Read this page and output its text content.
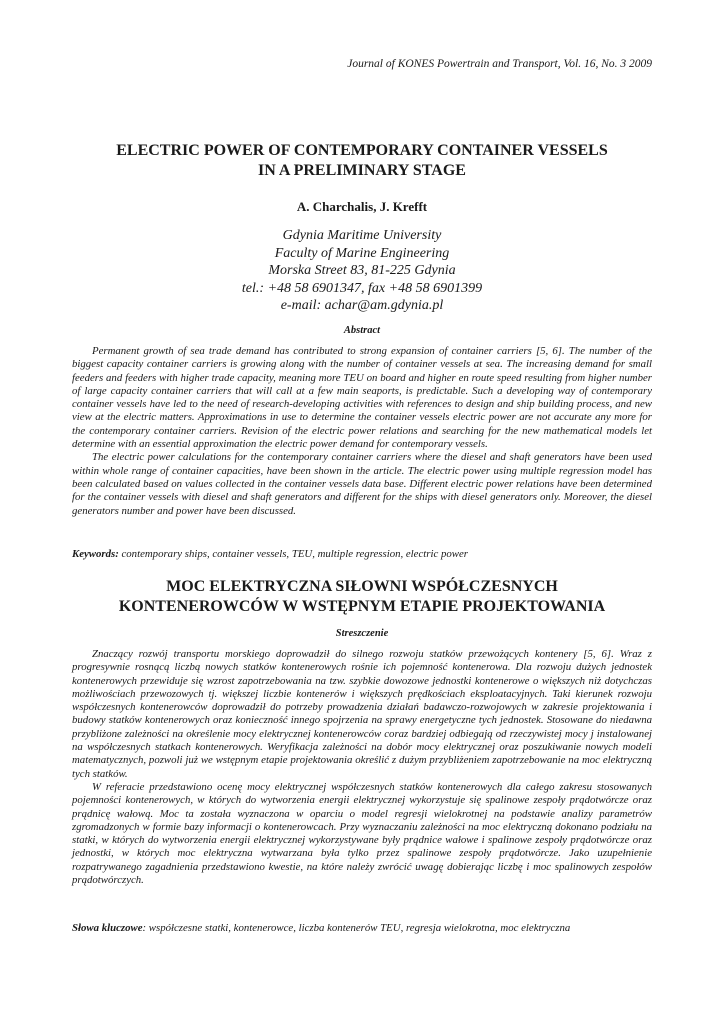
Journal of KONES Powertrain and Transport, Vol. 16, No. 3 2009
ELECTRIC POWER OF CONTEMPORARY CONTAINER VESSELS
IN A PRELIMINARY STAGE
A. Charchalis, J. Krefft
Gdynia Maritime University
Faculty of Marine Engineering
Morska Street 83, 81-225 Gdynia
tel.: +48 58 6901347, fax +48 58 6901399
e-mail: achar@am.gdynia.pl
Abstract

Permanent growth of sea trade demand has contributed to strong expansion of container carriers [5, 6]. The number of the biggest capacity container carriers is growing along with the number of container vessels at sea. The increasing demand for small feeders and feeders with higher trade capacity, meaning more TEU on board and higher en route speed resulting from higher number of large capacity container carriers that will call at a few main seaports, is predictable. Such a developing way of contemporary container vessels have led to the need of research-developing activities with references to design and ship building process, and new view at the electric matters. Approximations in use to determine the container vessels electric power are not accurate any more for the contemporary container carriers. Revision of the electric power relations and searching for the new mathematical models let determine with an essential approximation the electric power demand for contemporary vessels.

The electric power calculations for the contemporary container carriers where the diesel and shaft generators have been used within whole range of container capacities, have been shown in the article. The electric power using multiple regression model has been calculated based on values collected in the container vessels data base. Different electric power relations have been determined for the container vessels with diesel and shaft generators and different for the ships with diesel generators only. Moreover, the diesel generators number and power have been discussed.

Keywords: contemporary ships, container vessels, TEU, multiple regression, electric power
MOC ELEKTRYCZNA SIŁOWNI WSPÓŁCZESNYCH
KONTENEROWCÓW W WSTĘPNYM ETAPIE PROJEKTOWANIA
Streszczenie

Znaczący rozwój transportu morskiego doprowadził do silnego rozwoju statków przewożących kontenery [5, 6]. Wraz z progresywnie rosnącą liczbą nowych statków kontenerowych rośnie ich pojemność kontenerowa. Dla rozwoju dużych jednostek kontenerowych przewiduje się wzrost zapotrzebowania na tzw. szybkie dowozowe jednostki kontenerowe o większych niż dotychczas możliwościach przewozowych tj. większej liczbie kontenerów i większych prędkościach eksploatacyjnych. Taki kierunek rozwoju współczesnych kontenerowców doprowadził do potrzeby prowadzenia działań badawczo-rozwojowych w zakresie projektowania i budowy statków kontenerowych oraz konieczność innego spojrzenia na sprawy energetyczne tych jednostek. Stosowane do niedawna przybliżone zależności na określenie mocy elektrycznej kontenerowców coraz bardziej odbiegają od rzeczywistej mocy j instalowanej na współczesnych statkach kontenerowych. Weryfikacja zależności na dobór mocy elektrycznej oraz poszukiwanie nowych modeli matematycznych, pozwoli już we wstępnym etapie projektowania określić z dużym przybliżeniem zapotrzebowanie na moc elektryczną tych statków.

W referacie przedstawiono ocenę mocy elektrycznej współczesnych statków kontenerowych dla całego zakresu stosowanych pojemności kontenerowych, w których do wytworzenia energii elektrycznej wykorzystuje się spalinowe zespoły prądotwórcze oraz prądnicę wałową. Moc ta została wyznaczona w oparciu o model regresji wielokrotnej na podstawie analizy parametrów zgromadzonych w formie bazy informacji o kontenerowcach. Przy wyznaczaniu zależności na moc elektryczną dokonano podziału na statki, w których do wytworzenia energii elektrycznej wykorzystywane były prądnice wałowe i spalinowe zespoły prądotwórcze oraz jednostki, w których moc elektryczna wytwarzana była tylko przez spalinowe zespoły prądotwórcze. Jako uzupełnienie rozpatrywanego zagadnienia przedstawiono kwestie, na które należy zwrócić uwagę dobierając liczbę i moc spalinowych zespołów prądotwórczych.

Słowa kluczowe: współczesne statki, kontenerowce, liczba kontenerów TEU, regresja wielokrotna, moc elektryczna
